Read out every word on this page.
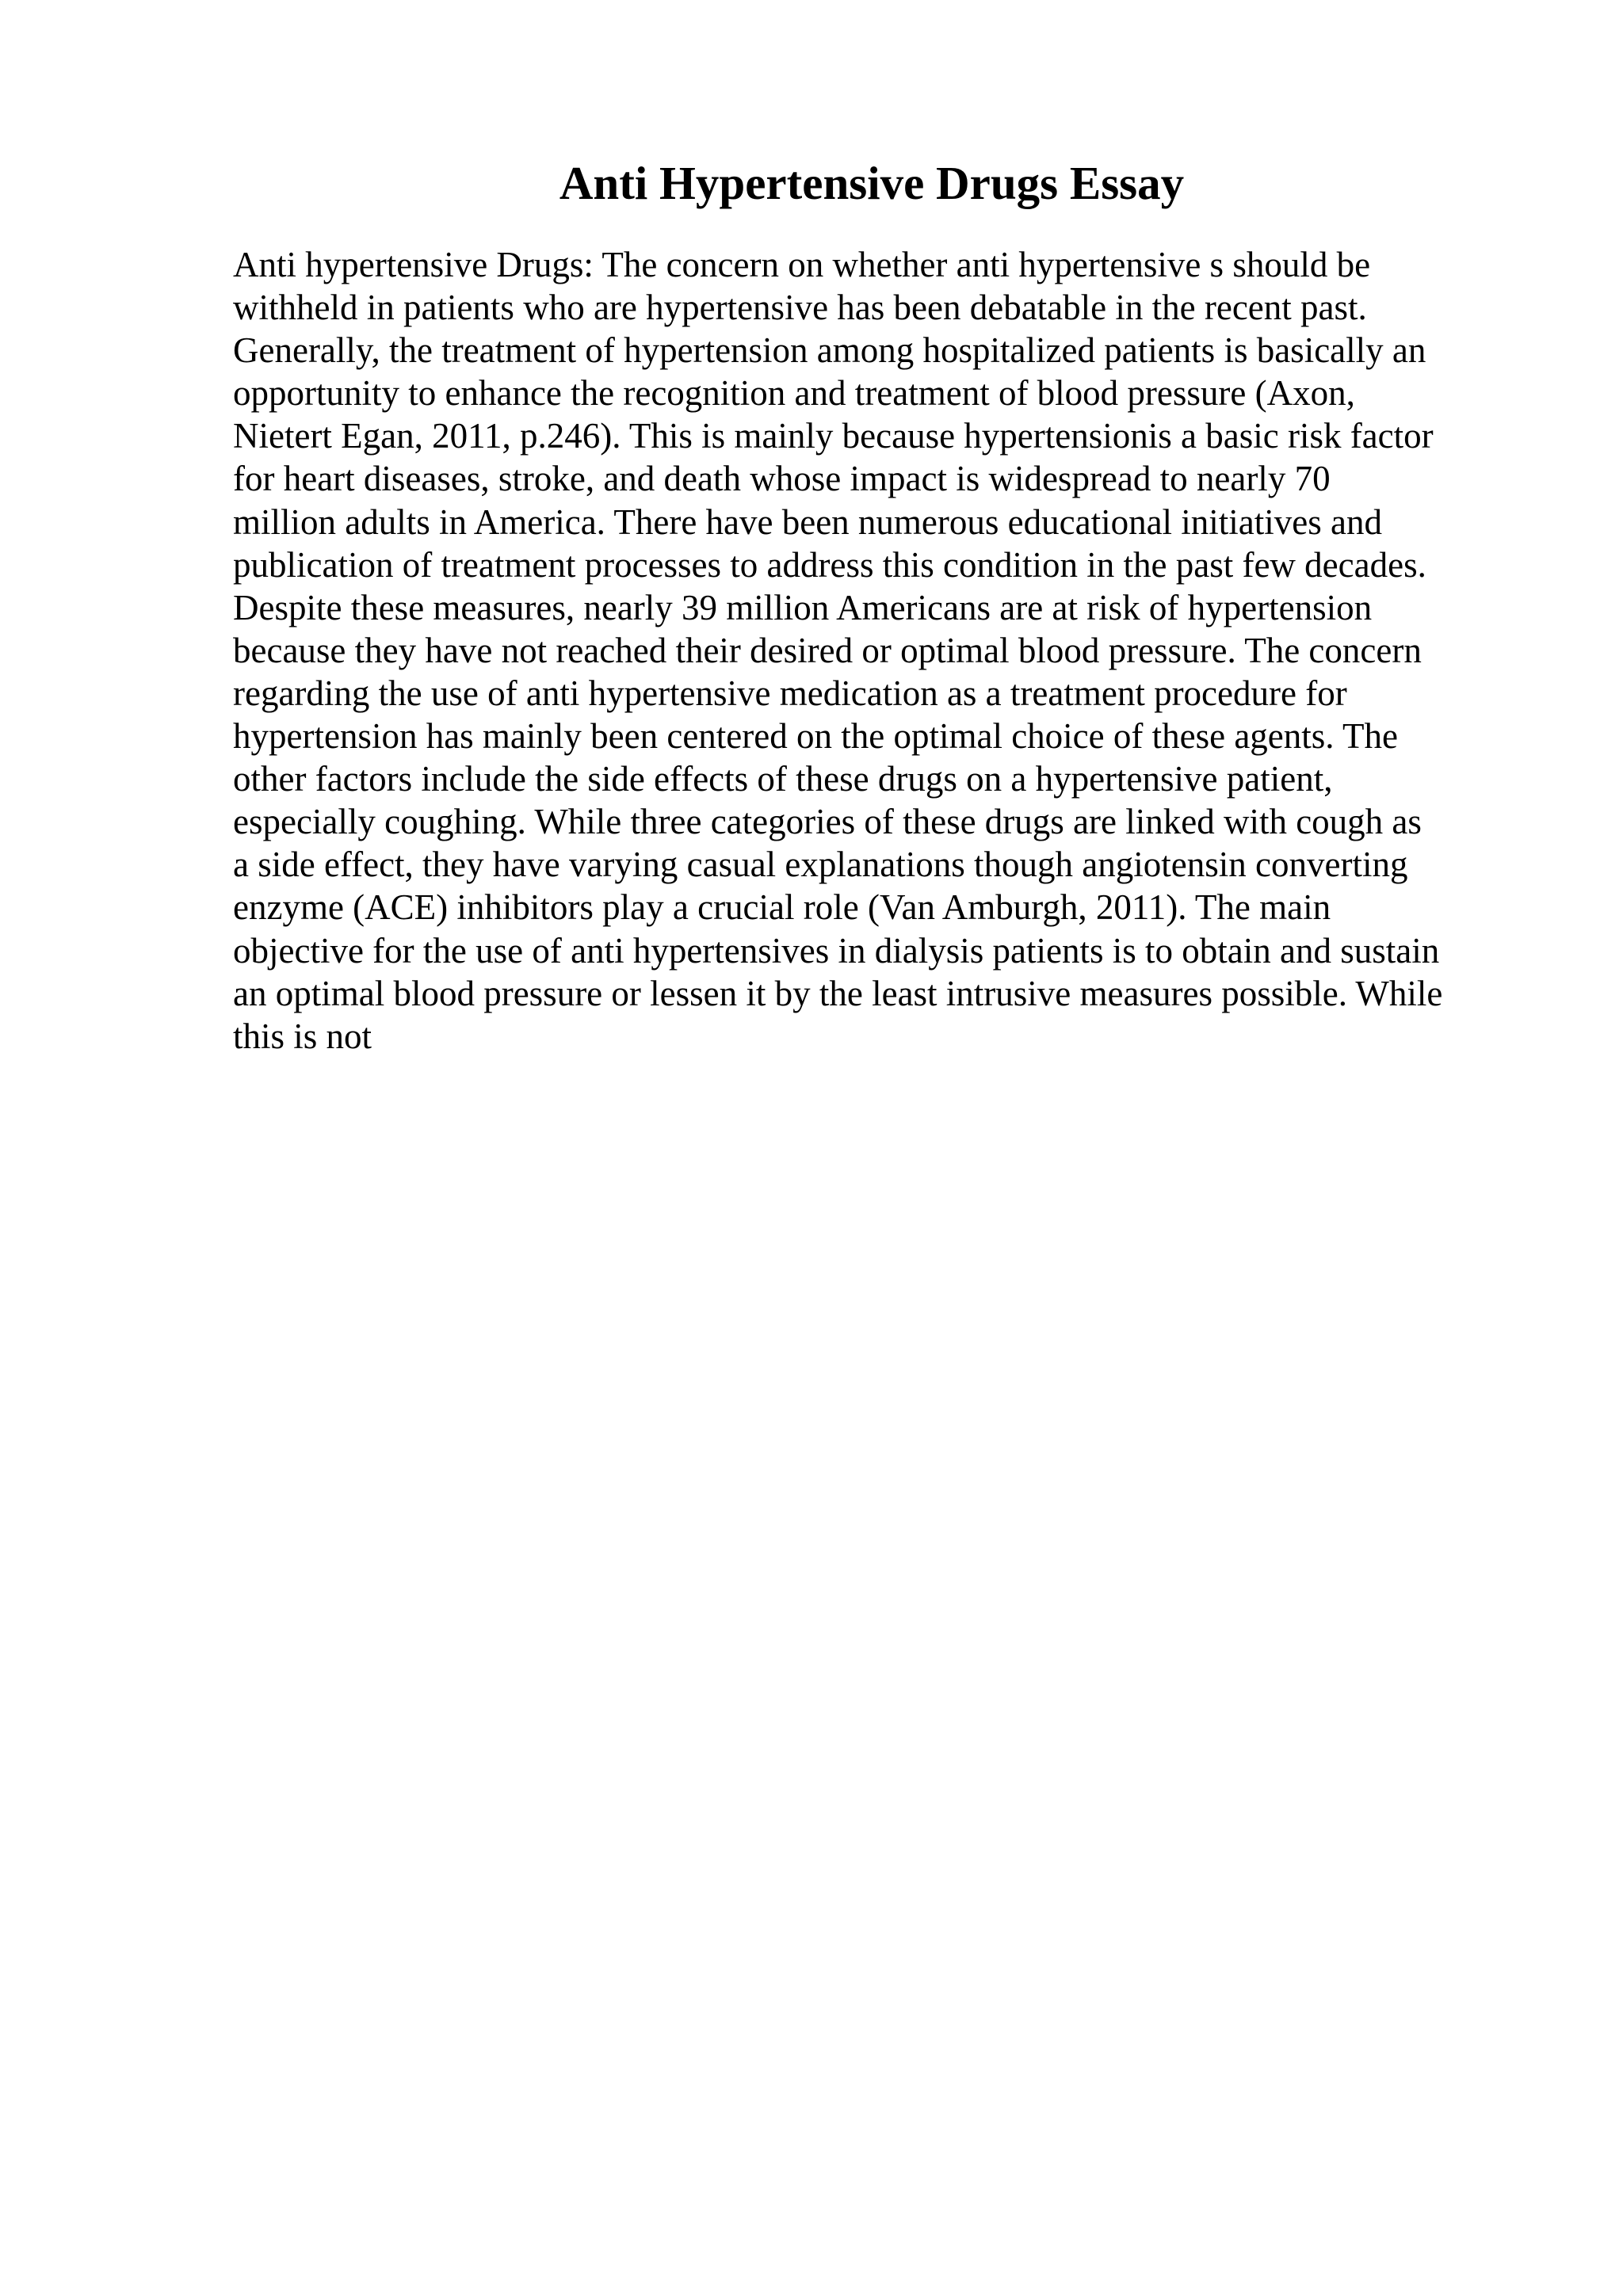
Anti Hypertensive Drugs Essay
Anti hypertensive Drugs: The concern on whether anti hypertensive s should be
withheld in patients who are hypertensive has been debatable in the recent past.
Generally, the treatment of hypertension among hospitalized patients is basically an
opportunity to enhance the recognition and treatment of blood pressure (Axon,
Nietert Egan, 2011, p.246). This is mainly because hypertensionis a basic risk factor
for heart diseases, stroke, and death whose impact is widespread to nearly 70
million adults in America. There have been numerous educational initiatives and
publication of treatment processes to address this condition in the past few decades.
Despite these measures, nearly 39 million Americans are at risk of hypertension
because they have not reached their desired or optimal blood pressure. The concern
regarding the use of anti hypertensive medication as a treatment procedure for
hypertension has mainly been centered on the optimal choice of these agents. The
other factors include the side effects of these drugs on a hypertensive patient,
especially coughing. While three categories of these drugs are linked with cough as
a side effect, they have varying casual explanations though angiotensin converting
enzyme (ACE) inhibitors play a crucial role (Van Amburgh, 2011). The main
objective for the use of anti hypertensives in dialysis patients is to obtain and sustain
an optimal blood pressure or lessen it by the least intrusive measures possible. While
this is not
